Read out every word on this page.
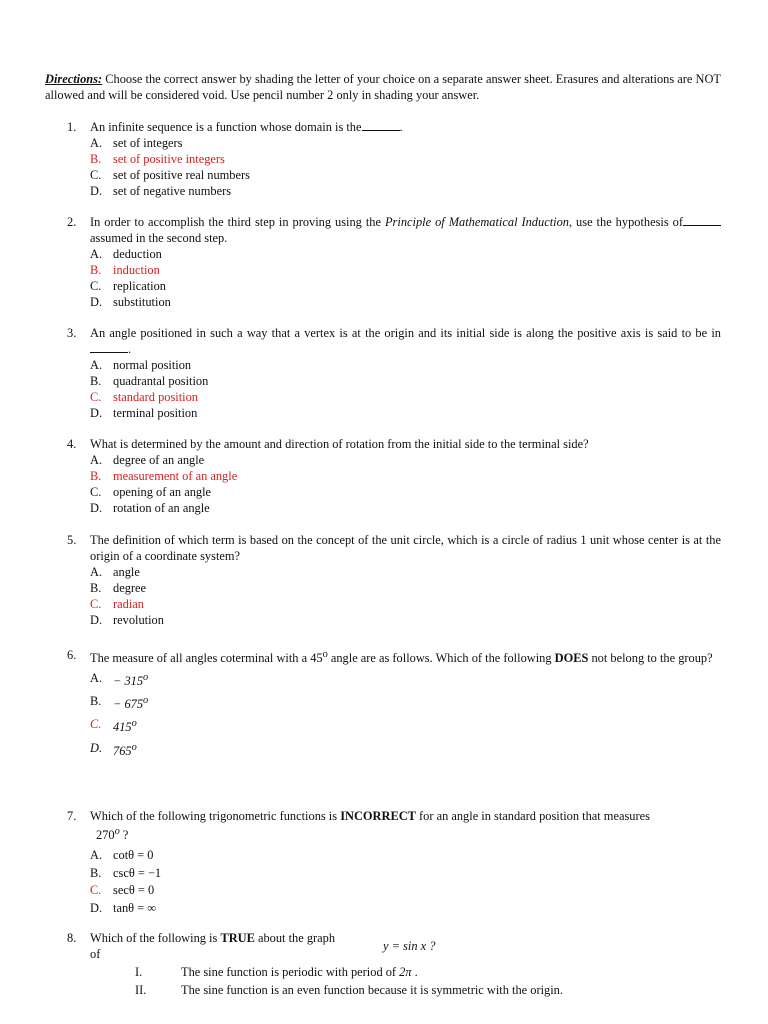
Directions: Choose the correct answer by shading the letter of your choice on a separate answer sheet. Erasures and alterations are NOT allowed and will be considered void. Use pencil number 2 only in shading your answer.
1. An infinite sequence is a function whose domain is the	.
A. set of integers
B. set of positive integers
C. set of positive real numbers
D. set of negative numbers
2. In order to accomplish the third step in proving using the Principle of Mathematical Induction, use the hypothesis ofassumed in the second step.
A. deduction
B. induction
C. replication
D. substitution
3. An angle positioned in such a way that a vertex is at the origin and its initial side is along the positive axis is said to be in.
A. normal position
B. quadrantal position
C. standard position
D. terminal position
4. What is determined by the amount and direction of rotation from the initial side to the terminal side?
A. degree of an angle
B. measurement of an angle
C. opening of an angle
D. rotation of an angle
5. The definition of which term is based on the concept of the unit circle, which is a circle of radius 1 unit whose center is at the origin of a coordinate system?
A. angle
B. degree
C. radian
D. revolution
6. The measure of all angles coterminal with a 45$^o$ angle are as follows. Which of the following DOES not belong to the group?
A. − $315^o$
B. − $675^o$
C. 415$^o$
D. 765$^o$
7. Which of the following trigonometric functions is INCORRECT for an angle in standard position that measures
270$^o$ ?
A. cotθ = 0
B. cscθ = −1
C. secθ = 0
D. tanθ = ∞
8. Which of the following is TRUE about the graph
of
y = sin x ?
I.	The sine function is periodic with period of 2π .
II.	The sine function is an even function because it is symmetric with the origin.
